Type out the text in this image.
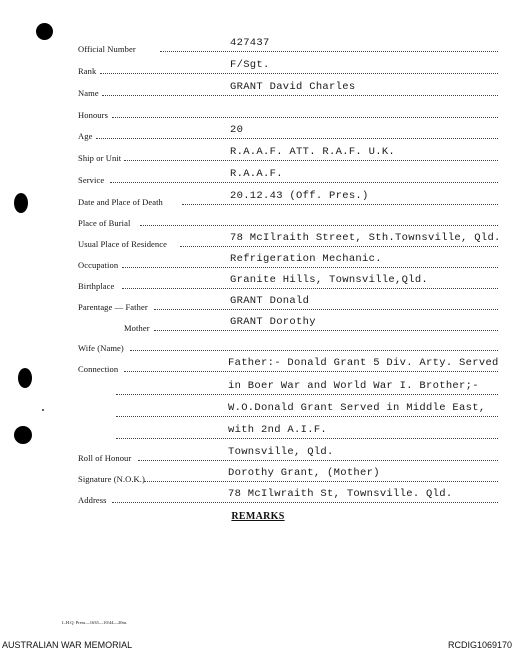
Official Number	427437
Rank	F/Sgt.
Name	GRANT David Charles
Honours
Age	20
Ship or Unit	R.A.A.F. ATT. R.A.F. U.K.
Service	R.A.A.F.
Date and Place of Death	20.12.43 (Off. Pres.)
Place of Burial
Usual Place of Residence	78 McIlraith Street, Sth.Townsville, Qld.
Occupation	Refrigeration Mechanic.
Birthplace	Granite Hills, Townsville,Qld.
Parentage — Father	GRANT Donald
Mother	GRANT Dorothy
Wife (Name)
Connection	Father:- Donald Grant 5 Div. Arty. Served
in Boer War and World War I. Brother;-
W.O.Donald Grant Served in Middle East,
with 2nd A.I.F.
Roll of Honour	Townsville, Qld.
Signature (N.O.K.)	Dorothy Grant, (Mother)
Address	78 McIlwraith St, Townsville. Qld.
REMARKS
L.H.Q. Press—1635—10/44—20m.
AUSTRALIAN WAR MEMORIAL	RCDIG1069170
